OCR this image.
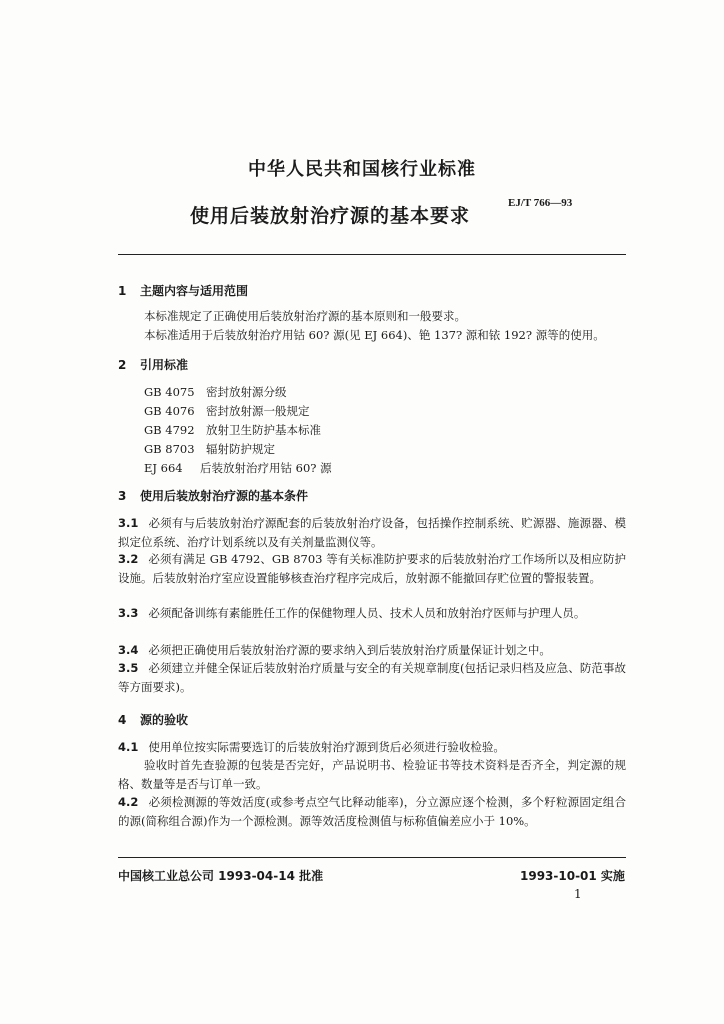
中华人民共和国核行业标准
使用后装放射治疗源的基本要求
EJ/T 766—93
1 主题内容与适用范围
本标准规定了正确使用后装放射治疗源的基本原则和一般要求。
本标准适用于后装放射治疗用钴 60? 源(见 EJ 664)、铯 137? 源和铱 192? 源等的使用。
2 引用标准
GB 4075 密封放射源分级
GB 4076 密封放射源一般规定
GB 4792 放射卫生防护基本标准
GB 8703 辐射防护规定
EJ 664 后装放射治疗用钴 60? 源
3 使用后装放射治疗源的基本条件
3.1 必须有与后装放射治疗源配套的后装放射治疗设备，包括操作控制系统、贮源器、施源器、模拟定位系统、治疗计划系统以及有关剂量监测仪等。
3.2 必须有满足 GB 4792、GB 8703 等有关标准防护要求的后装放射治疗工作场所以及相应防护设施。后装放射治疗室应设置能够核查治疗程序完成后，放射源不能撤回存贮位置的警报装置。
3.3 必须配备训练有素能胜任工作的保健物理人员、技术人员和放射治疗医师与护理人员。
3.4 必须把正确使用后装放射治疗源的要求纳入到后装放射治疗质量保证计划之中。
3.5 必须建立并健全保证后装放射治疗质量与安全的有关规章制度(包括记录归档及应急、防范事故等方面要求)。
4 源的验收
4.1 使用单位按实际需要选订的后装放射治疗源到货后必须进行验收检验。
验收时首先查验源的包装是否完好，产品说明书、检验证书等技术资料是否齐全，判定源的规格、数量等是否与订单一致。
4.2 必须检测源的等效活度(或参考点空气比释动能率)，分立源应逐个检测，多个籽粒源固定组合的源(简称组合源)作为一个源检测。源等效活度检测值与标称值偏差应小于 10%。
中国核工业总公司 1993-04-14 批准	1993-10-01 实施
1
